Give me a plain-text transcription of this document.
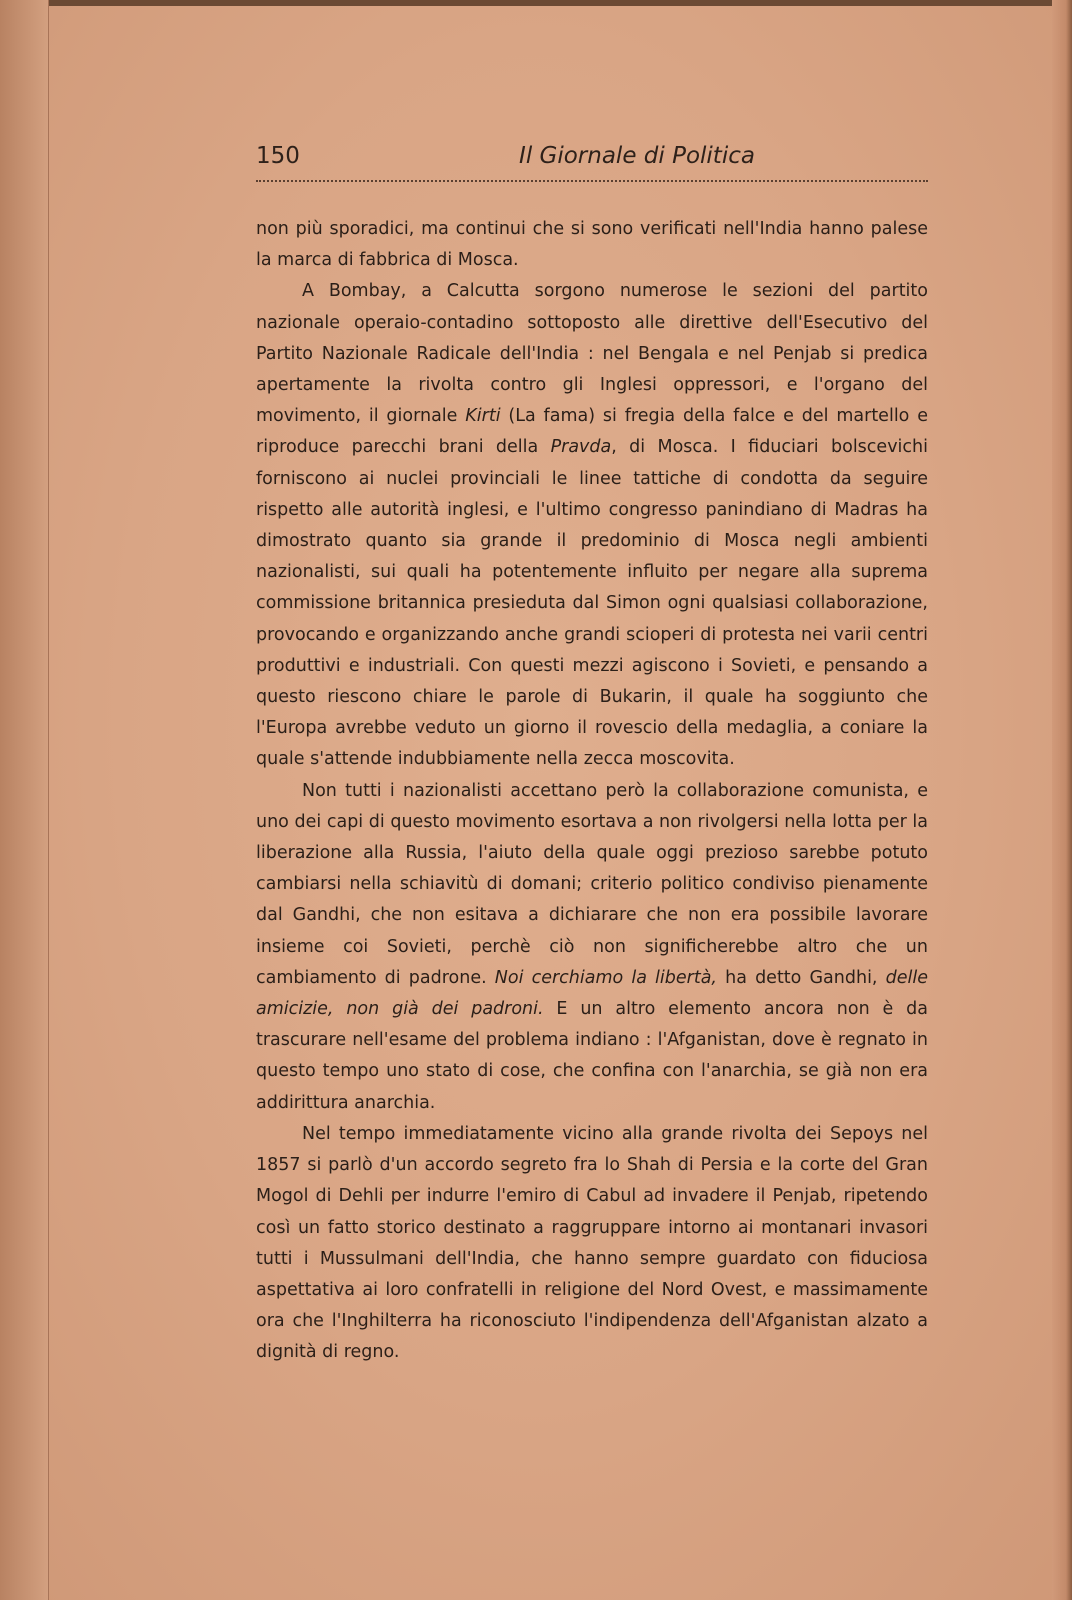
150	Il Giornale di Politica

non più sporadici, ma continui che si sono verificati nell'India hanno palese la marca di fabbrica di Mosca.

A Bombay, a Calcutta sorgono numerose le sezioni del partito nazionale operaio-contadino sottoposto alle direttive dell'Esecutivo del Partito Nazionale Radicale dell'India : nel Bengala e nel Penjab si predica apertamente la rivolta contro gli Inglesi oppressori, e l'organo del movimento, il giornale Kirti (La fama) si fregia della falce e del martello e riproduce parecchi brani della Pravda, di Mosca. I fiduciari bolscevichi forniscono ai nuclei provinciali le linee tattiche di condotta da seguire rispetto alle autorità inglesi, e l'ultimo congresso panindiano di Madras ha dimostrato quanto sia grande il predominio di Mosca negli ambienti nazionalisti, sui quali ha potentemente influito per negare alla suprema commissione britannica presieduta dal Simon ogni qualsiasi collaborazione, provocando e organizzando anche grandi scioperi di protesta nei varii centri produttivi e industriali. Con questi mezzi agiscono i Sovieti, e pensando a questo riescono chiare le parole di Bukarin, il quale ha soggiunto che l'Europa avrebbe veduto un giorno il rovescio della medaglia, a coniare la quale s'attende indubbiamente nella zecca moscovita.

Non tutti i nazionalisti accettano però la collaborazione comunista, e uno dei capi di questo movimento esortava a non rivolgersi nella lotta per la liberazione alla Russia, l'aiuto della quale oggi prezioso sarebbe potuto cambiarsi nella schiavitù di domani; criterio politico condiviso pienamente dal Gandhi, che non esitava a dichiarare che non era possibile lavorare insieme coi Sovieti, perchè ciò non significherebbe altro che un cambiamento di padrone. Noi cerchiamo la libertà, ha detto Gandhi, delle amicizie, non già dei padroni. E un altro elemento ancora non è da trascurare nell'esame del problema indiano : l'Afganistan, dove è regnato in questo tempo uno stato di cose, che confina con l'anarchia, se già non era addirittura anarchia.

Nel tempo immediatamente vicino alla grande rivolta dei Sepoys nel 1857 si parlò d'un accordo segreto fra lo Shah di Persia e la corte del Gran Mogol di Dehli per indurre l'emiro di Cabul ad invadere il Penjab, ripetendo così un fatto storico destinato a raggruppare intorno ai montanari invasori tutti i Mussulmani dell'India, che hanno sempre guardato con fiduciosa aspettativa ai loro confratelli in religione del Nord Ovest, e massimamente ora che l'Inghilterra ha riconosciuto l'indipendenza dell'Afganistan alzato a dignità di regno.
